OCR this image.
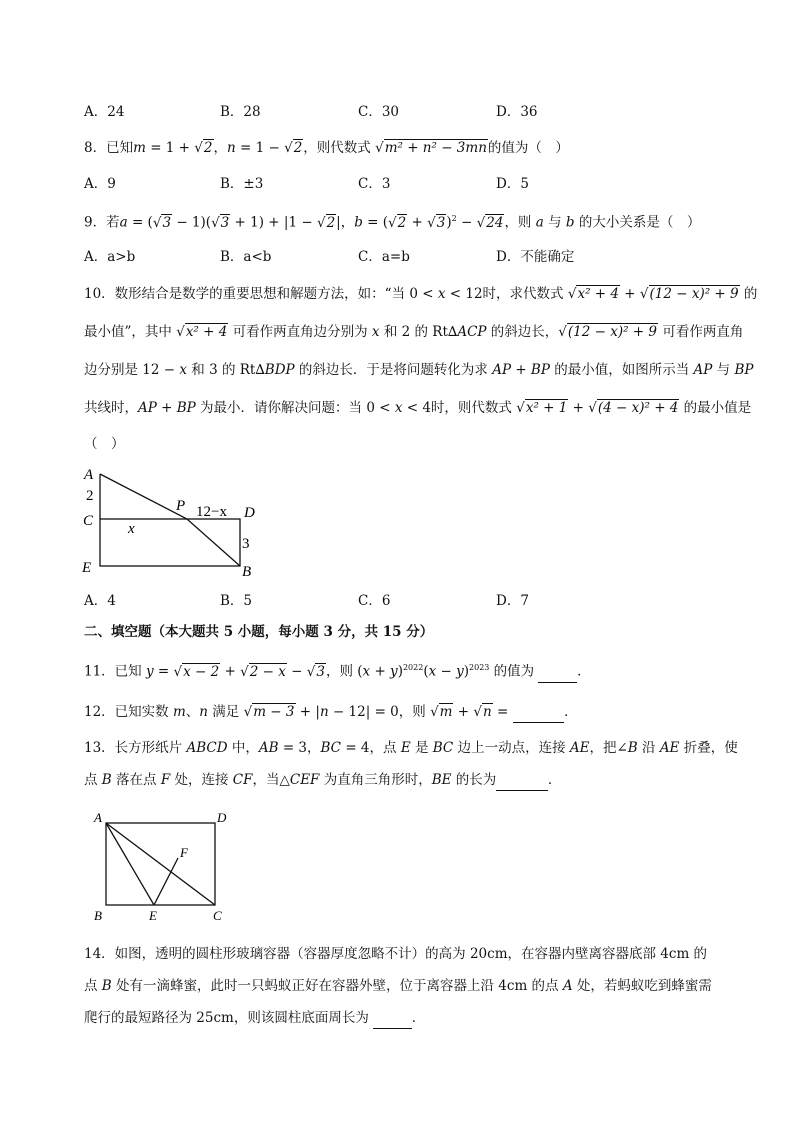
A．24	B．28	C．30	D．36
8．已知m = 1 + √2，n = 1 − √2，则代数式 √m² + n² − 3mn的值为（　）
A．9	B．±3	C．3	D．5
9．若a = (√3 − 1)(√3 + 1) + |1 − √2|，$b = (√2 + √3)^2 - √24$，则 a 与 b 的大小关系是（　）
A．a>b	B．a<b	C．a=b	D．不能确定
10．数形结合是数学的重要思想和解题方法，如：“当 0 < x < 12时，求代数式 √x² + 4 + √(12 − x)² + 9 的
最小值”，其中 √x² + 4 可看作两直角边分别为 x 和 2 的 Rt∆ACP 的斜边长，√(12 − x)² + 9 可看作两直角
边分别是 12 − x 和 3 的 Rt∆BDP 的斜边长．于是将问题转化为求 AP + BP 的最小值，如图所示当 AP 与 BP
共线时，AP + BP 为最小．请你解决问题：当 0 < x < 4时，则代数式 √x² + 1 + √(4 − x)² + 4 的最小值是
（　）
A
2
C x
P 12−x D
3
E	B
A．4	B．5	C．6	D．7
二、填空题（本大题共 5 小题，每小题 3 分，共 15 分）
11．已知 y = √x − 2 + √2 − x − √3，则 $(x + y)^{2022}(x - y)^{2023}$ 的值为	．
12．已知实数 m、n 满足 √m − 3 + |n − 12| = 0，则 √m + √n =	．
13．长方形纸片 ABCD 中，AB = 3，BC = 4，点 E 是 BC 边上一动点，连接 AE，把∠B 沿 AE 折叠，使
点 B 落在点 F 处，连接 CF，当△CEF 为直角三角形时，BE 的长为	．
A	D
F
B	E	C
14．如图，透明的圆柱形玻璃容器（容器厚度忽略不计）的高为 20cm，在容器内壁离容器底部 4cm 的
点 B 处有一滴蜂蜜，此时一只蚂蚁正好在容器外壁，位于离容器上沿 4cm 的点 A 处，若蚂蚁吃到蜂蜜需
爬行的最短路径为 25cm，则该圆柱底面周长为	．
